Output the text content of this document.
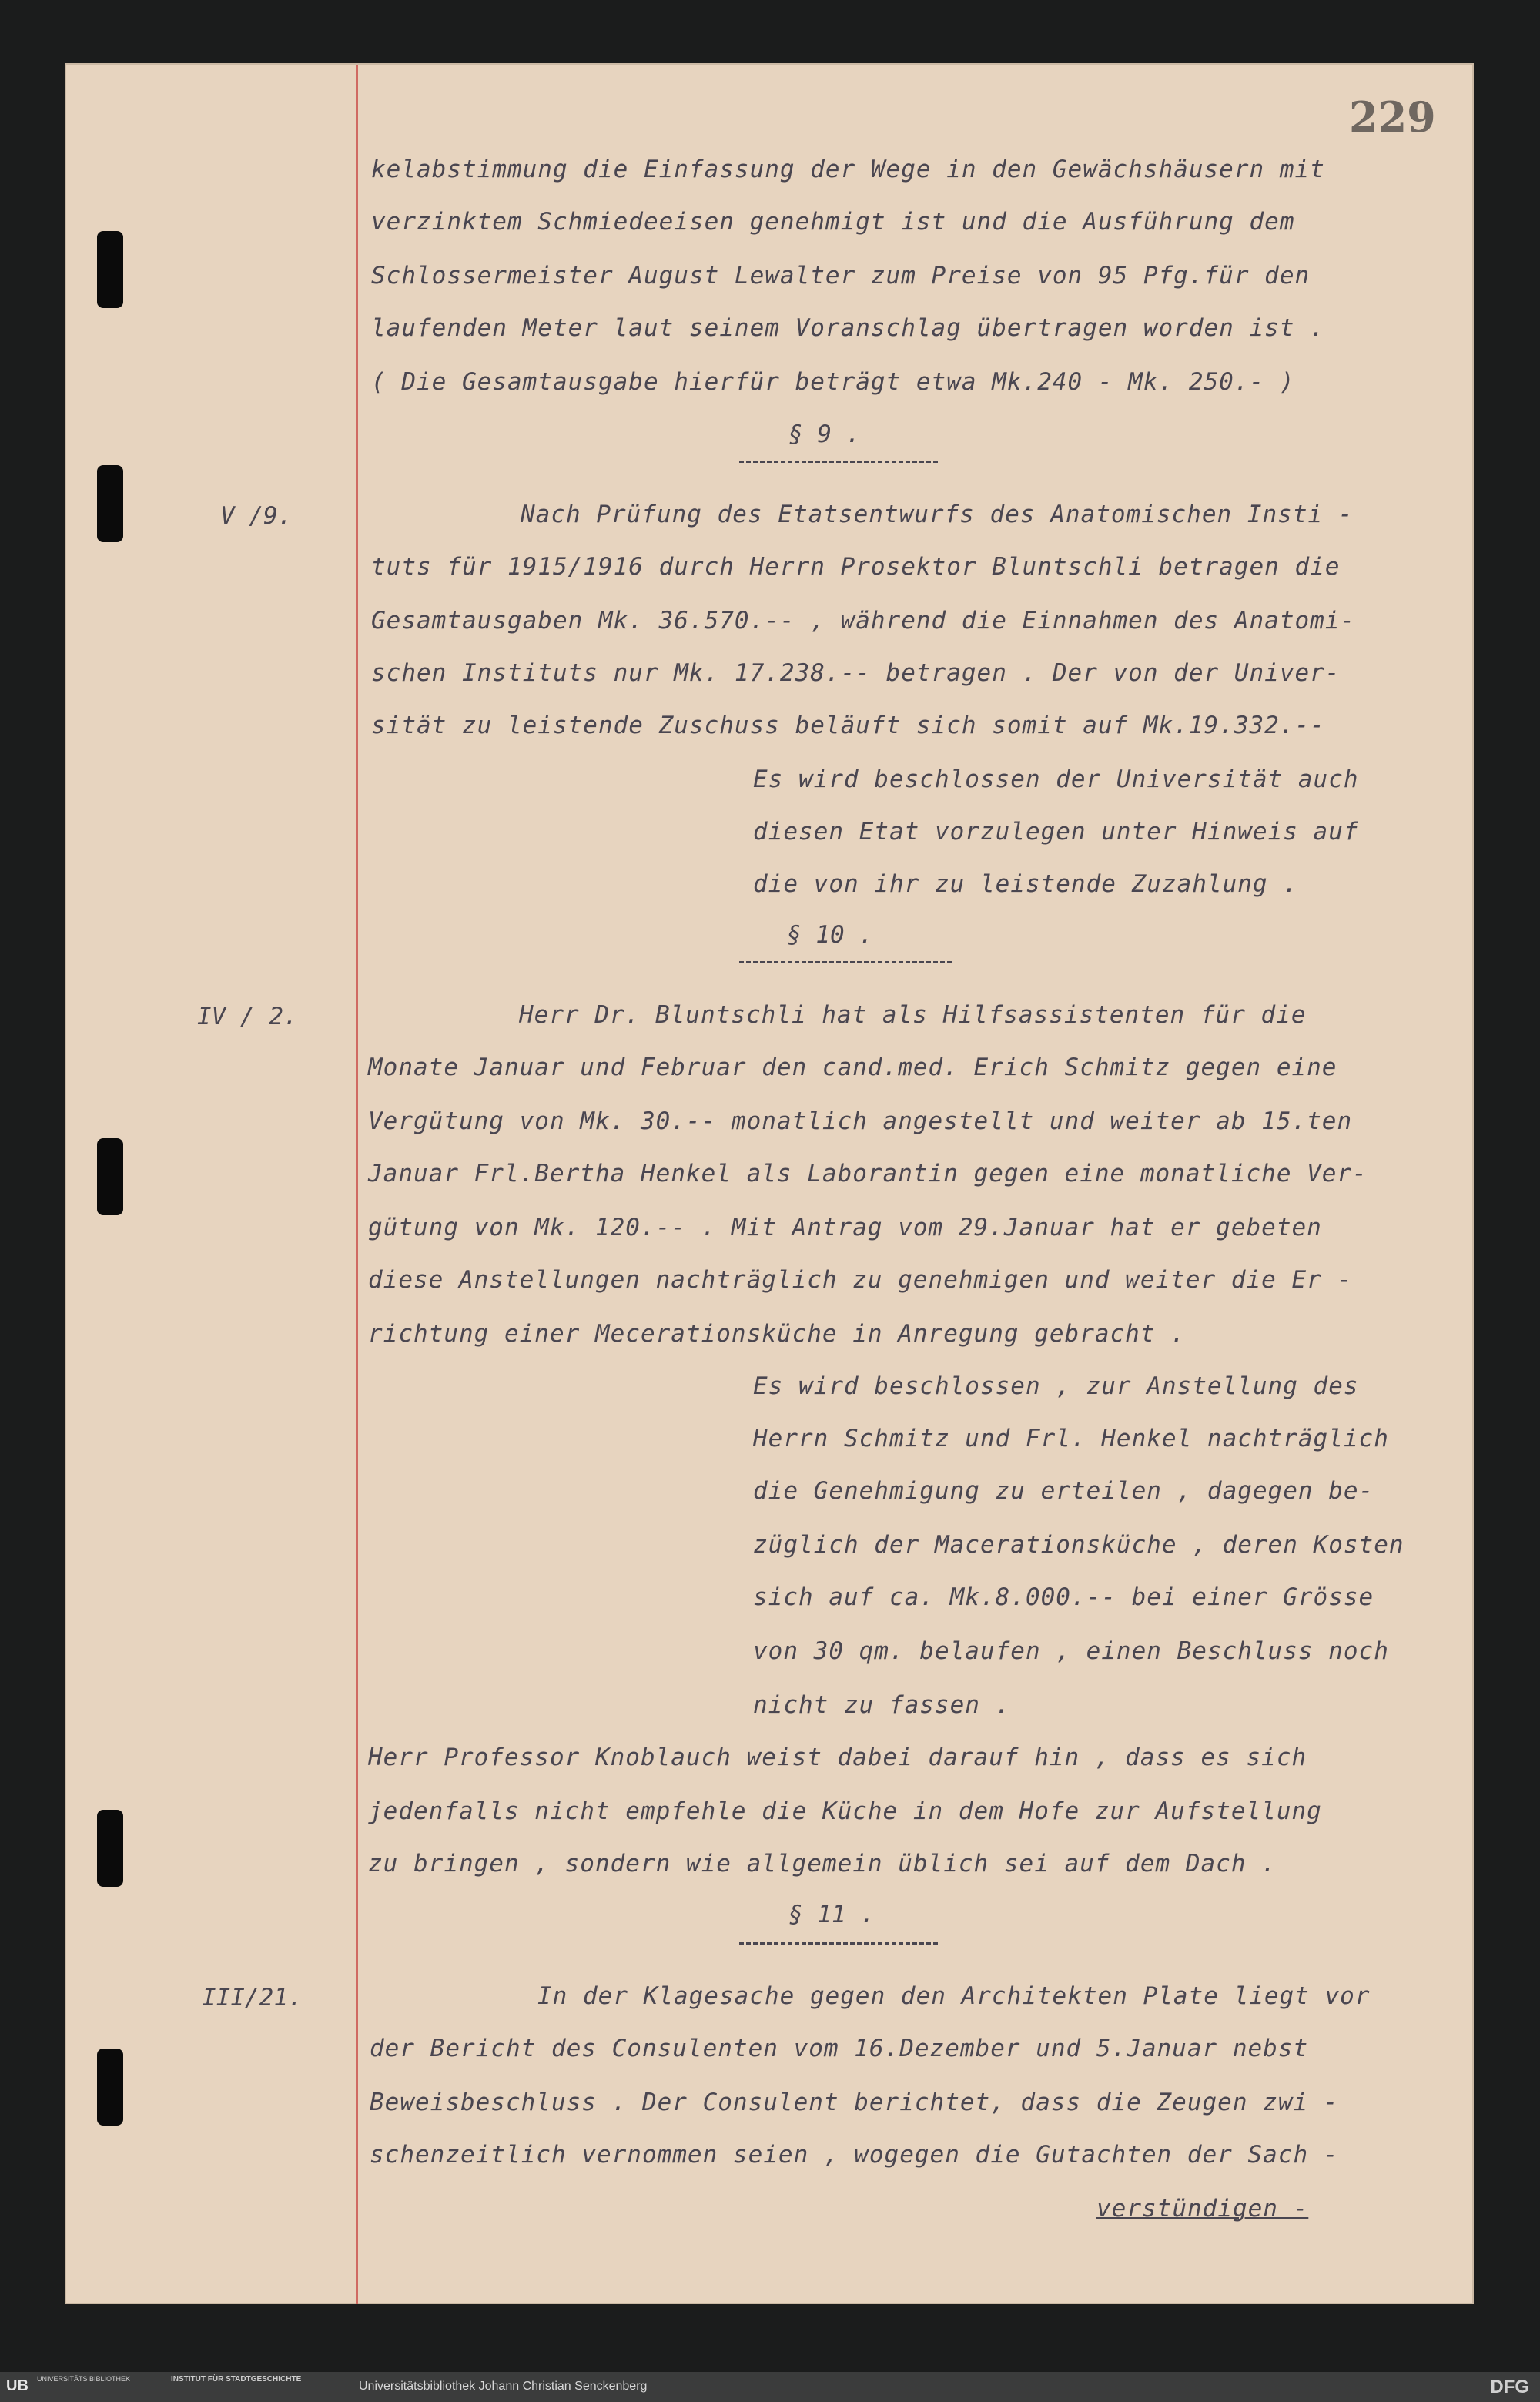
229
kelabstimmung die Einfassung der Wege in den Gewächshäusern mit
verzinktem Schmiedeeisen genehmigt ist und die Ausführung dem
Schlossermeister August Lewalter zum Preise von 95 Pfg.für den
laufenden Meter laut seinem Voranschlag übertragen worden ist .
( Die Gesamtausgabe hierfür beträgt etwa Mk.240 - Mk. 250.- )
§ 9 .
V /9.	Nach Prüfung des Etatsentwurfs des Anatomischen Insti -
tuts für 1915/1916 durch Herrn Prosektor Bluntschli betragen die
Gesamtausgaben Mk. 36.570.-- , während die Einnahmen des Anatomi-
schen Instituts nur Mk. 17.238.-- betragen . Der von der Univer-
sität zu leistende Zuschuss beläuft sich somit auf Mk.19.332.--
Es wird beschlossen der Universität auch
diesen Etat vorzulegen unter Hinweis auf
die von ihr zu leistende Zuzahlung .
§ 10 .
IV / 2.	Herr Dr. Bluntschli hat als Hilfsassistenten für die
Monate Januar und Februar den cand.med. Erich Schmitz gegen eine
Vergütung von Mk. 30.-- monatlich angestellt und weiter ab 15.ten
Januar Frl.Bertha Henkel als Laborantin gegen eine monatliche Ver-
gütung von Mk. 120.-- . Mit Antrag vom 29.Januar hat er gebeten
diese Anstellungen nachträglich zu genehmigen und weiter die Er -
richtung einer Mecerationsküche in Anregung gebracht .
Es wird beschlossen , zur Anstellung des
Herrn Schmitz und Frl. Henkel nachträglich
die Genehmigung zu erteilen , dagegen be-
züglich der Macerationsküche , deren Kosten
sich auf ca. Mk.8.000.-- bei einer Grösse
von 30 qm. belaufen , einen Beschluss noch
nicht zu fassen .
Herr Professor Knoblauch weist dabei darauf hin , dass es sich
jedenfalls nicht empfehle die Küche in dem Hofe zur Aufstellung
zu bringen , sondern wie allgemein üblich sei auf dem Dach .
§ 11 .
III/21.	In der Klagesache gegen den Architekten Plate liegt vor
der Bericht des Consulenten vom 16.Dezember und 5.Januar nebst
Beweisbeschluss . Der Consulent berichtet, dass die Zeugen zwi -
schenzeitlich vernommen seien , wogegen die Gutachten der Sach -
verstündigen -
UB UNIVERSITÄTS BIBLIOTHEK	INSTITUT FÜR STADTGESCHICHTE
Universitätsbibliothek Johann Christian Senckenberg	DFG
